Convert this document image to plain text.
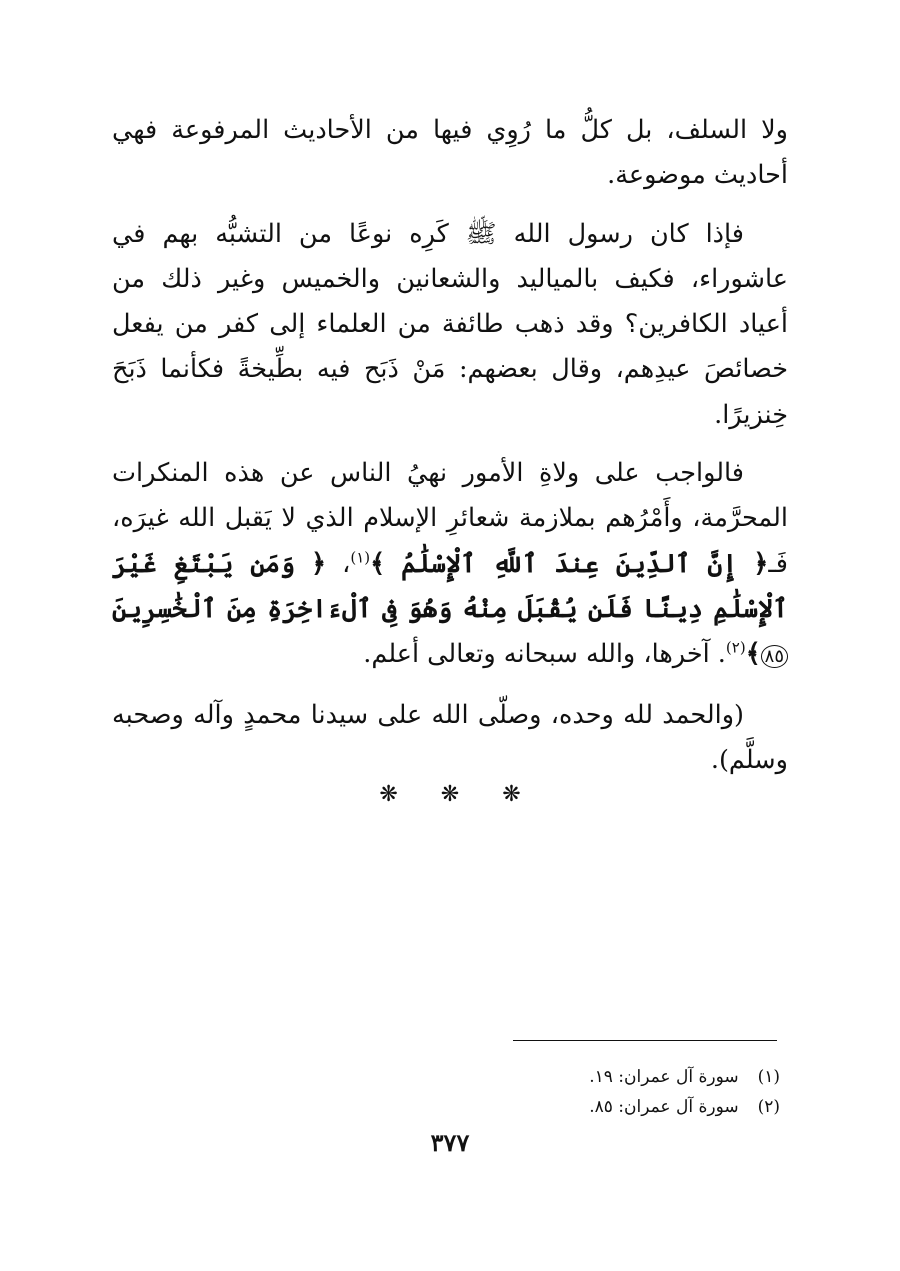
ولا السلف، بل كلُّ ما رُوِي فيها من الأحاديث المرفوعة فهي أحاديث موضوعة.

فإذا كان رسول الله ﷺ كَرِه نوعًا من التشبُّه بهم في عاشوراء، فكيف بالمياليد والشعانين والخميس وغير ذلك من أعياد الكافرين؟ وقد ذهب طائفة من العلماء إلى كفر من يفعل خصائصَ عيدِهم، وقال بعضهم: مَنْ ذَبَح فيه بطِّيخةً فكأنما ذَبَحَ خِنزيرًا.

فالواجب على ولاةِ الأمور نهيُ الناس عن هذه المنكرات المحرَّمة، وأَمْرُهم بملازمة شعائرِ الإسلام الذي لا يَقبل الله غيرَه، فَـ﴿ إِنَّ ٱلدِّينَ عِندَ ٱللَّهِ ٱلْإِسْلَٰمُ ﴾$^{(١)}$، ﴿ وَمَن يَبْتَغِ غَيْرَ ٱلْإِسْلَٰمِ دِينًا فَلَن يُقْبَلَ مِنْهُ وَهُوَ فِى ٱلْءَاخِرَةِ مِنَ ٱلْخَٰسِرِينَ ٨٥﴾$^{(٢)}$. آخرها، والله سبحانه وتعالى أعلم.

(والحمد لله وحده، وصلّى الله على سيدنا محمدٍ وآله وصحبه وسلَّم).

❋ ❋ ❋
(١) سورة آل عمران: ١٩.
(٢) سورة آل عمران: ٨٥.
٣٧٧
